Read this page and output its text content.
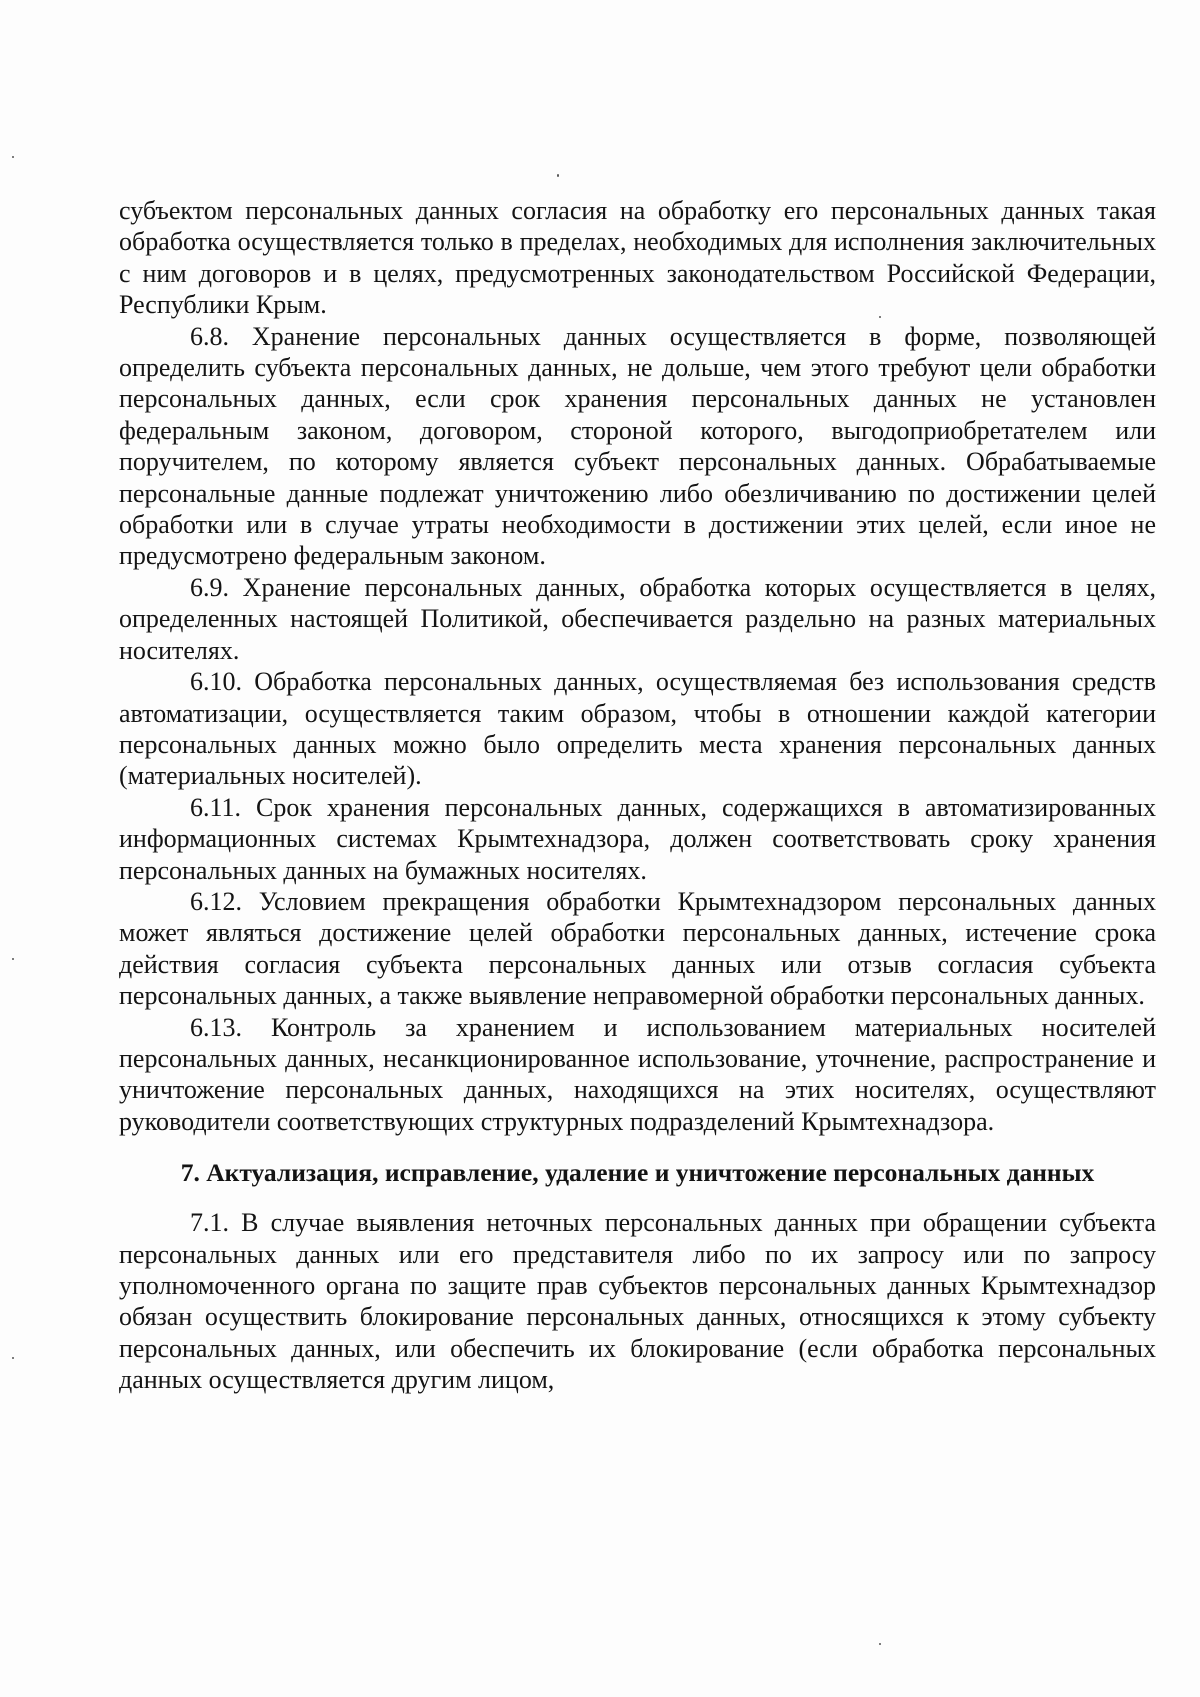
субъектом персональных данных согласия на обработку его персональных данных такая обработка осуществляется только в пределах, необходимых для исполнения заключительных с ним договоров и в целях, предусмотренных законодательством Российской Федерации, Республики Крым.

6.8. Хранение персональных данных осуществляется в форме, позволяющей определить субъекта персональных данных, не дольше, чем этого требуют цели обработки персональных данных, если срок хранения персональных данных не установлен федеральным законом, договором, стороной которого, выгодоприобретателем или поручителем, по которому является субъект персональных данных. Обрабатываемые персональные данные подлежат уничтожению либо обезличиванию по достижении целей обработки или в случае утраты необходимости в достижении этих целей, если иное не предусмотрено федеральным законом.

6.9. Хранение персональных данных, обработка которых осуществляется в целях, определенных настоящей Политикой, обеспечивается раздельно на разных материальных носителях.

6.10. Обработка персональных данных, осуществляемая без использования средств автоматизации, осуществляется таким образом, чтобы в отношении каждой категории персональных данных можно было определить места хранения персональных данных (материальных носителей).

6.11. Срок хранения персональных данных, содержащихся в автоматизированных информационных системах Крымтехнадзора, должен соответствовать сроку хранения персональных данных на бумажных носителях.

6.12. Условием прекращения обработки Крымтехнадзором персональных данных может являться достижение целей обработки персональных данных, истечение срока действия согласия субъекта персональных данных или отзыв согласия субъекта персональных данных, а также выявление неправомерной обработки персональных данных.

6.13. Контроль за хранением и использованием материальных носителей персональных данных, несанкционированное использование, уточнение, распространение и уничтожение персональных данных, находящихся на этих носителях, осуществляют руководители соответствующих структурных подразделений Крымтехнадзора.

7. Актуализация, исправление, удаление и уничтожение персональных данных

7.1. В случае выявления неточных персональных данных при обращении субъекта персональных данных или его представителя либо по их запросу или по запросу уполномоченного органа по защите прав субъектов персональных данных Крымтехнадзор обязан осуществить блокирование персональных данных, относящихся к этому субъекту персональных данных, или обеспечить их блокирование (если обработка персональных данных осуществляется другим лицом,
